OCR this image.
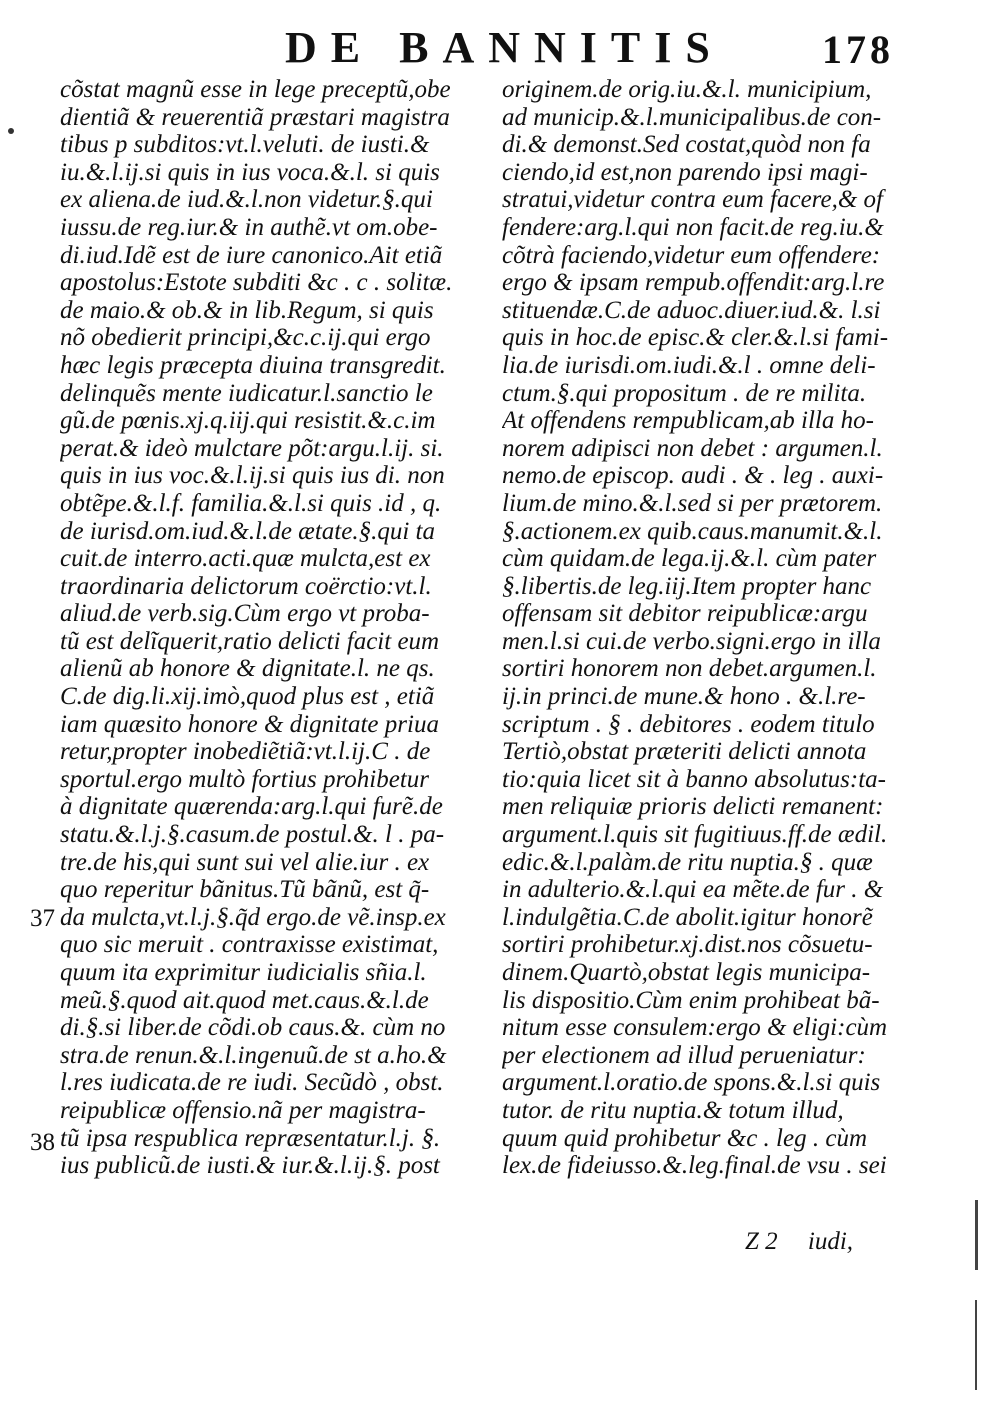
DE BANNITIS 178
cõstat magnũ esse in lege preceptũ,obe
dientiã & reuerentiã præstari magistra
tibus p subditos:vt.l.veluti. de iusti.&
iu.&.l.ij.si quis in ius voca.&.l. si quis
ex aliena.de iud.&.l.non videtur.§.qui
iussu.de reg.iur.& in authẽ.vt om.obe-
di.iud.Idẽ est de iure canonico.Ait etiã
apostolus:Estote subditi &c . c . solitæ.
de maio.& ob.& in lib.Regum, si quis
nõ obedierit principi,&c.c.ij.qui ergo
hæc legis præcepta diuina transgredit.
delinquẽs mente iudicatur.l.sanctio le
gũ.de pœnis.xj.q.iij.qui resistit.&.c.im
perat.& ideò mulctare põt:argu.l.ij. si.
quis in ius voc.&.l.ij.si quis ius di. non
obtẽpe.&.l.f. familia.&.l.si quis .id , q.
de iurisd.om.iud.&.l.de ætate.§.qui ta
cuit.de interro.acti.quæ mulcta,est ex
traordinaria delictorum coërctio:vt.l.
aliud.de verb.sig.Cùm ergo vt proba-
tũ est delĩquerit,ratio delicti facit eum
alienũ ab honore & dignitate.l. ne qs.
C.de dig.li.xij.imò,quod plus est , etiã
iam quæsito honore & dignitate priua
retur,propter inobediẽtiã:vt.l.ij.C . de
sportul.ergo multò fortius prohibetur
à dignitate quærenda:arg.l.qui furẽ.de
statu.&.l.j.§.casum.de postul.&. l . pa-
tre.de his,qui sunt sui vel alie.iur . ex
quo reperitur bãnitus.Tũ bãnũ, est q̃-
da mulcta,vt.l.j.§.q̃d ergo.de vẽ.insp.ex
quo sic meruit . contraxisse existimat,
quum ita exprimitur iudicialis sñia.l.
meũ.§.quod ait.quod met.caus.&.l.de
di.§.si liber.de cõdi.ob caus.&. cùm no
stra.de renun.&.l.ingenuũ.de st a.ho.&
l.res iudicata.de re iudi. Secũdò , obst.
reipublicæ offensio.nã per magistra-
tũ ipsa respublica repræsentatur.l.j. §.
ius publicũ.de iusti.& iur.&.l.ij.§. post
originem.de orig.iu.&.l. municipium,
ad municip.&.l.municipalibus.de con-
di.& demonst.Sed costat,quòd non fa
ciendo,id est,non parendo ipsi magi-
stratui,videtur contra eum facere,& of
fendere:arg.l.qui non facit.de reg.iu.&
cõtrà faciendo,videtur eum offendere:
ergo & ipsam rempub.offendit:arg.l.re
stituendæ.C.de aduoc.diuer.iud.&. l.si
quis in hoc.de episc.& cler.&.l.si fami-
lia.de iurisdi.om.iudi.&.l . omne deli-
ctum.§.qui propositum . de re milita.
At offendens rempublicam,ab illa ho-
norem adipisci non debet : argumen.l.
nemo.de episcop. audi . & . leg . auxi-
lium.de mino.&.l.sed si per prætorem.
§.actionem.ex quib.caus.manumit.&.l.
cùm quidam.de lega.ij.&.l. cùm pater
§.libertis.de leg.iij.Item propter hanc
offensam sit debitor reipublicæ:argu
men.l.si cui.de verbo.signi.ergo in illa
sortiri honorem non debet.argumen.l.
ij.in princi.de mune.& hono . &.l.re-
scriptum . § . debitores . eodem titulo
Tertiò,obstat præteriti delicti annota
tio:quia licet sit à banno absolutus:ta-
men reliquiæ prioris delicti remanent:
argument.l.quis sit fugitiuus.ff.de ædil.
edic.&.l.palàm.de ritu nuptia.§ . quæ
in adulterio.&.l.qui ea mẽte.de fur . &
l.indulgẽtia.C.de abolit.igitur honorẽ
sortiri prohibetur.xj.dist.nos cõsuetu-
dinem.Quartò,obstat legis municipa-
lis dispositio.Cùm enim prohibeat bã-
nitum esse consulem:ergo & eligi:cùm
per electionem ad illud perueniatur:
argument.l.oratio.de spons.&.l.si quis
tutor. de ritu nuptia.& totum illud,
quum quid prohibetur &c . leg . cùm
lex.de fideiusso.&.leg.final.de vsu . sei
37
38
Z 2 iudi,
